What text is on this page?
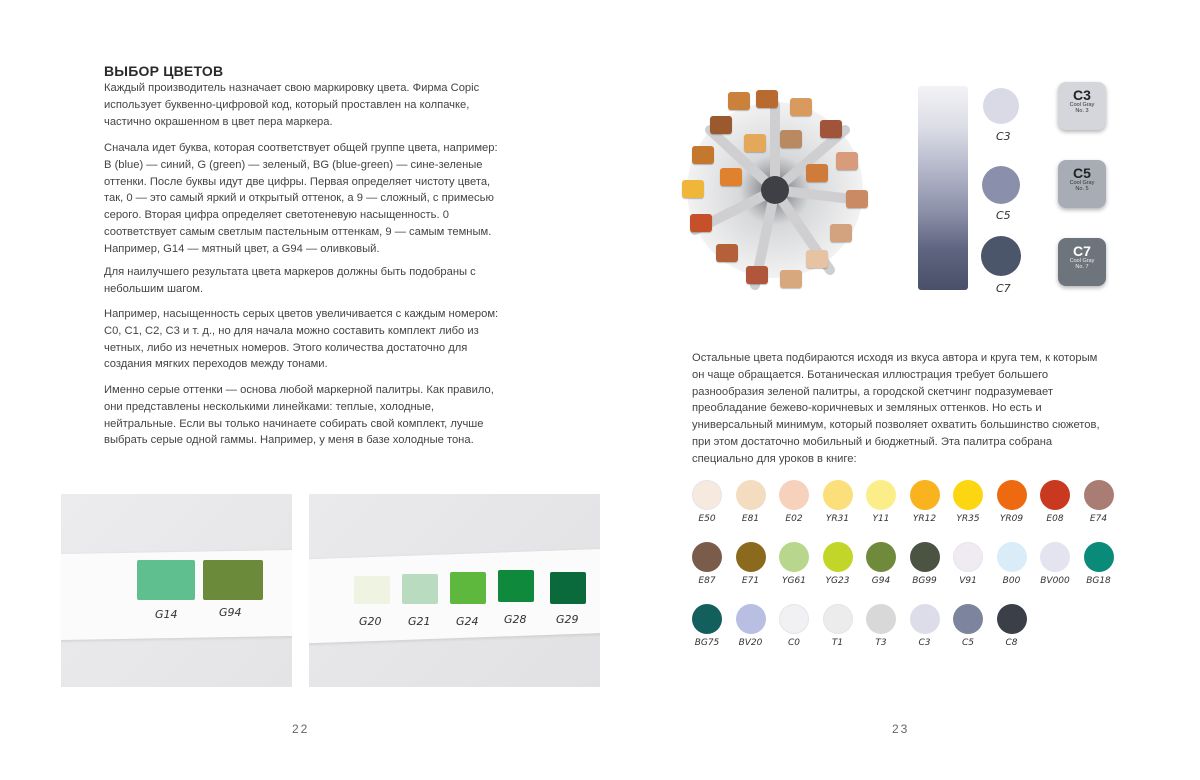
ВЫБОР ЦВЕТОВ

Каждый производитель назначает свою маркировку цвета. Фирма Copic использует буквенно-цифровой код, который проставлен на колпачке, частично окрашенном в цвет пера маркера.

Сначала идет буква, которая соответствует общей группе цвета, например: B (blue) — синий, G (green) — зеленый, BG (blue-green) — сине-зеленые оттенки. После буквы идут две цифры. Первая определяет чистоту цвета, так, 0 — это самый яркий и открытый оттенок, а 9 — сложный, с примесью серого. Вторая цифра определяет светотеневую насыщенность. 0 соответствует самым светлым пастельным оттенкам, 9 — самым темным. Например, G14 — мятный цвет, а G94 — оливковый.

Для наилучшего результата цвета маркеров должны быть подобраны с небольшим шагом.

Например, насыщенность серых цветов увеличивается с каждым номером: C0, C1, C2, C3 и т. д., но для начала можно составить комплект либо из четных, либо из нечетных номеров. Этого количества достаточно для создания мягких переходов между тонами.

Именно серые оттенки — основа любой маркерной палитры. Как правило, они представлены несколькими линейками: теплые, холодные, нейтральные. Если вы только начинаете собирать свой комплект, лучше выбрать серые одной гаммы. Например, у меня в базе холодные тона.

G14	G94
G20 G21 G24 G28	G29
22
C3
C5
C7
C3
Cool Gray
No. 3
C5
Cool Gray
No. 5
C7
Cool Gray
No. 7

Остальные цвета подбираются исходя из вкуса автора и круга тем, к которым он чаще обращается. Ботаническая иллюстрация требует большего разнообразия зеленой палитры, а городской скетчинг подразумевает преобладание бежево-коричневых и земляных оттенков. Но есть и универсальный минимум, который позволяет охватить большинство сюжетов, при этом достаточно мобильный и бюджетный. Эта палитра собрана специально для уроков в книге:

E50	E81	E02	YR31	Y11	YR12	YR35	YR09	E08	E74
E87	E71	YG61	YG23	G94	BG99	V91	B00	BV000	BG18
BG75	BV20	C0	T1	T3	C3	C5	C8
23
